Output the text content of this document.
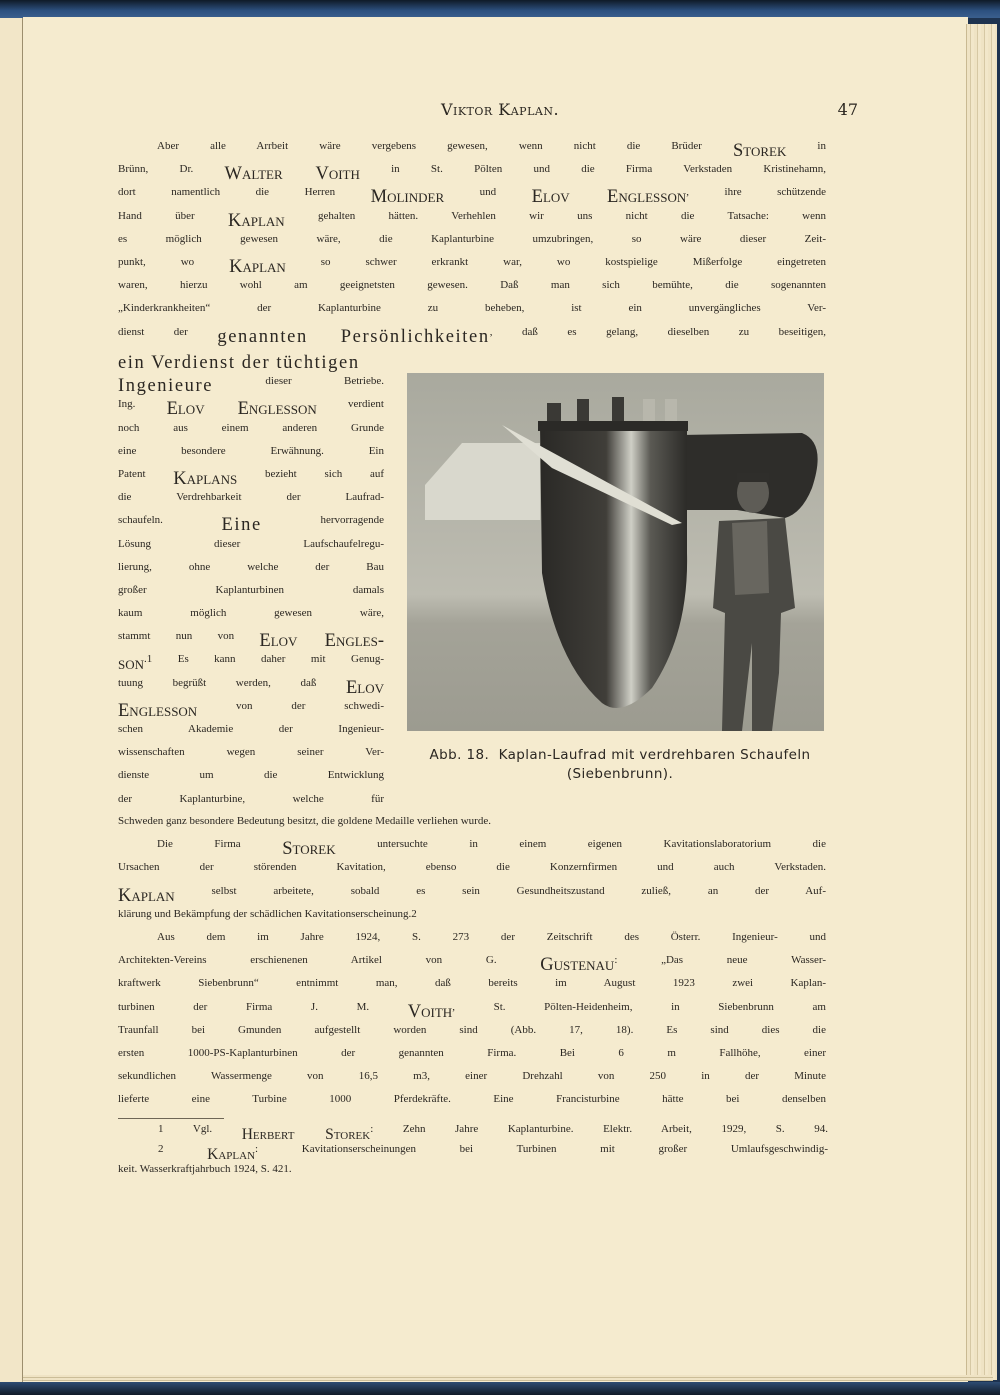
Viktor Kaplan.	47
$^{Aber alle Arrbeit wäre vergebens gewesen, wenn nicht die Brüder}$ Storek $^{in}$
$^{Brünn, Dr.}$ Walter Voith $^{in St. Pölten und die Firma Verkstaden Kristinehamn,}$
$^{dort namentlich die Herren}$ Molinder $^{und}$ Elov Englesson$^{, ihre schützende}$
$^{Hand über}$ Kaplan $^{gehalten hätten. Verhehlen wir uns nicht die Tatsache: wenn}$
$^{es möglich gewesen wäre, die Kaplanturbine umzubringen, so wäre dieser Zeit-}$
$^{punkt, wo}$ Kaplan $^{so schwer erkrankt war, wo kostspielige Mißerfolge eingetreten}$
$^{waren, hierzu wohl am geeignetsten gewesen. Daß man sich bemühte, die sogenannten}$
$^{„Kinderkrankheiten“ der Kaplanturbine zu beheben, ist ein unvergängliches Ver-}$
$^{dienst der}$ genannten Persönlichkeiten$^{, daß es gelang, dieselben zu beseitigen,}$
ein Verdienst der tüchtigen
Ingenieure $^{dieser Betriebe.}$
$^{Ing.}$ Elov Englesson $^{verdient}$
$^{noch aus einem anderen Grunde}$
$^{eine besondere Erwähnung. Ein}$
$^{Patent}$ Kaplans $^{bezieht sich auf}$
$^{die Verdrehbarkeit der Laufrad-}$
$^{schaufeln.}$ Eine $^{hervorragende}$
$^{Lösung dieser Laufschaufelregu-}$
$^{lierung, ohne welche der Bau}$
$^{großer Kaplanturbinen damals}$
$^{kaum möglich gewesen wäre,}$
$^{stammt nun von}$ Elov Engles-
son$^{.1}$ $^{Es kann daher mit Genug-}$
$^{tuung begrüßt werden, daß}$ Elov
Englesson $^{von der schwedi-}$
$^{schen Akademie der Ingenieur-}$
$^{wissenschaften wegen seiner Ver-}$
$^{dienste um die Entwicklung}$
$^{der Kaplanturbine, welche für}$
Abb. 18. Kaplan-Laufrad mit verdrehbaren Schaufeln
(Siebenbrunn).
$^{Schweden ganz besondere Bedeutung besitzt, die goldene Medaille verliehen wurde.}$
$^{Die Firma}$ Storek $^{untersuchte in einem eigenen Kavitationslaboratorium die}$
$^{Ursachen der störenden Kavitation, ebenso die Konzernfirmen und auch Verkstaden.}$
Kaplan $^{selbst arbeitete, sobald es sein Gesundheitszustand zuließ, an der Auf-}$
$^{klärung und Bekämpfung der schädlichen Kavitationserscheinung.2}$
$^{Aus dem im Jahre 1924, S. 273 der Zeitschrift des Österr. Ingenieur- und}$
$^{Architekten-Vereins erschienenen Artikel von G.}$ Gustenau$^{: „Das neue Wasser-}$
$^{kraftwerk Siebenbrunn“ entnimmt man, daß bereits im August 1923 zwei Kaplan-}$
$^{turbinen der Firma J. M.}$ Voith$^{, St. Pölten-Heidenheim, in Siebenbrunn am}$
$^{Traunfall bei Gmunden aufgestellt worden sind (Abb. 17, 18). Es sind dies die}$
$^{ersten 1000-PS-Kaplanturbinen der genannten Firma. Bei 6 m Fallhöhe, einer}$
$^{sekundlichen Wassermenge von 16,5 m3, einer Drehzahl von 250 in der Minute}$
$^{lieferte eine Turbine 1000 Pferdekräfte. Eine Francisturbine hätte bei denselben}$
$^1$ $^{Vgl.}$ Herbert Storek$^{: Zehn Jahre Kaplanturbine. Elektr. Arbeit, 1929, S. 94.}$
$^2$	Kaplan$^{: Kavitationserscheinungen bei Turbinen mit großer Umlaufsgeschwindig-}$
$^{keit. Wasserkraftjahrbuch 1924, S. 421.}$
